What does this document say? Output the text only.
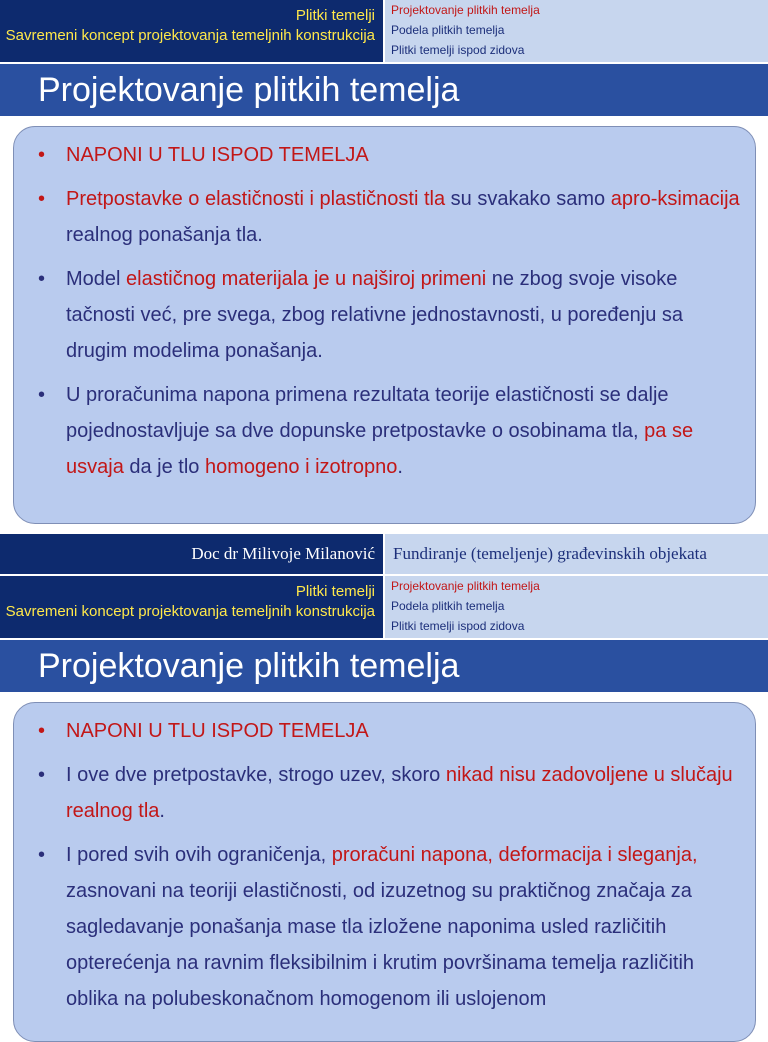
Plitki temelji
Savremeni koncept projektovanja temeljnih konstrukcija
Projektovanje plitkih temelja
Podela plitkih temelja
Plitki temelji ispod zidova
Projektovanje plitkih temelja
• NAPONI U TLU ISPOD TEMELJA
• Pretpostavke o elastičnosti i plastičnosti tla su svakako samo apro-ksimacija realnog ponašanja tla.
• Model elastičnog materijala je u najširoj primeni ne zbog svoje visoke tačnosti već, pre svega, zbog relativne jednostavnosti, u poređenju sa drugim modelima ponašanja.
• U proračunima napona primena rezultata teorije elastičnosti se dalje pojednostavljuje sa dve dopunske pretpostavke o osobinama tla, pa se usvaja da je tlo homogeno i izotropno.
Doc dr Milivoje Milanović	Fundiranje (temeljenje) građevinskih objekata
Plitki temelji
Savremeni koncept projektovanja temeljnih konstrukcija
Projektovanje plitkih temelja
Podela plitkih temelja
Plitki temelji ispod zidova
Projektovanje plitkih temelja
• NAPONI U TLU ISPOD TEMELJA
• I ove dve pretpostavke, strogo uzev, skoro nikad nisu zadovoljene u slučaju realnog tla.
• I pored svih ovih ograničenja, proračuni napona, deformacija i sleganja, zasnovani na teoriji elastičnosti, od izuzetnog su praktičnog značaja za sagledavanje ponašanja mase tla izložene naponima usled različitih opterećenja na ravnim fleksibilnim i krutim površinama temelja različitih oblika na polubeskonačnom homogenom ili uslojenom
